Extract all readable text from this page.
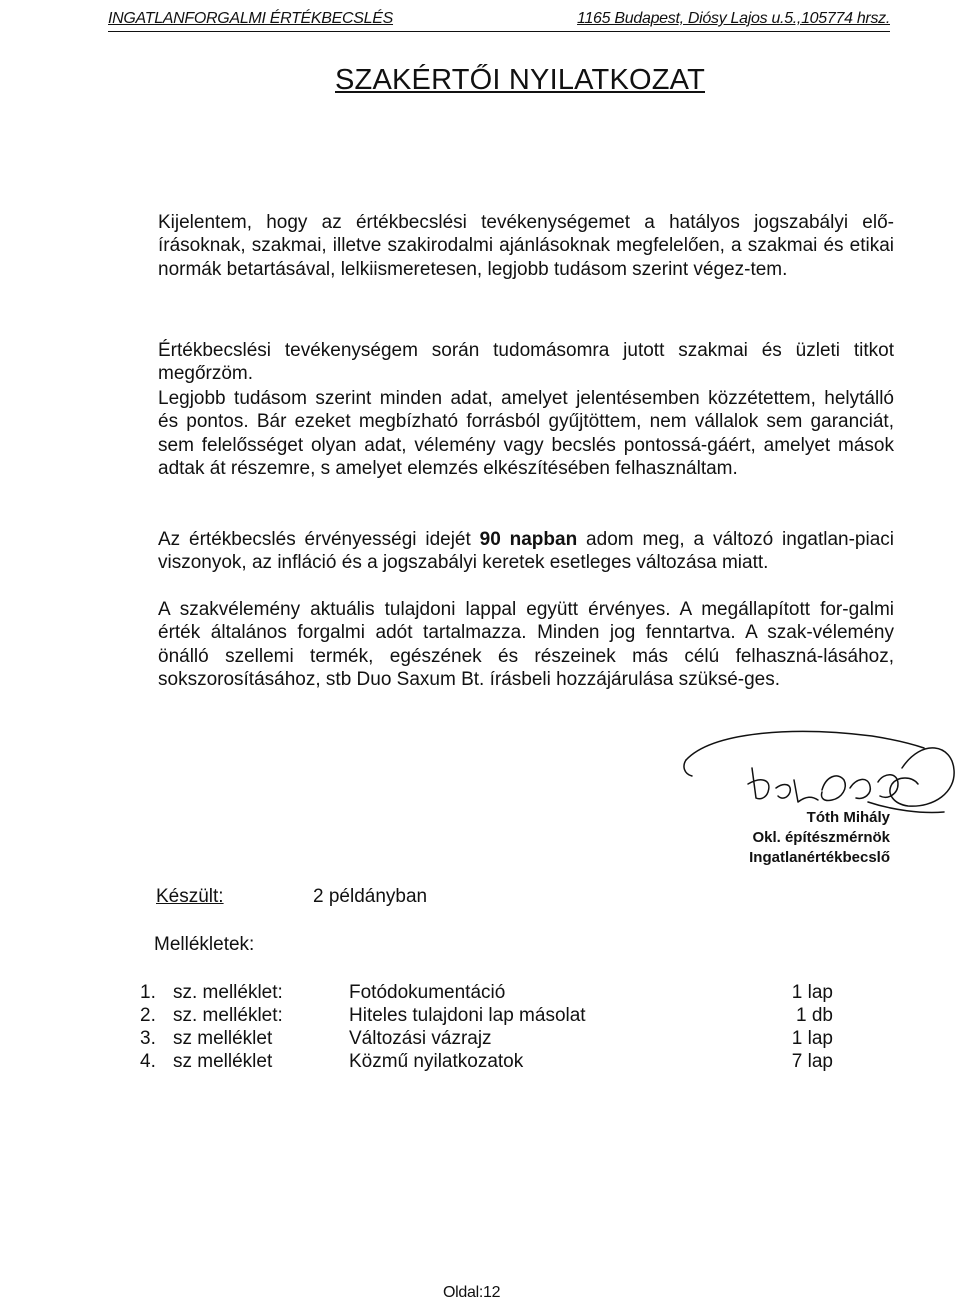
INGATLANFORGALMI ÉRTÉKBECSLÉS	1165 Budapest, Diósy Lajos u.5.,105774 hrsz.
SZAKÉRTŐI NYILATKOZAT

Kijelentem, hogy az értékbecslési tevékenységemet a hatályos jogszabályi elő-írásoknak, szakmai, illetve szakirodalmi ajánlásoknak megfelelően, a szakmai és etikai normák betartásával, lelkiismeretesen, legjobb tudásom szerint végez-tem.

Értékbecslési tevékenységem során tudomásomra jutott szakmai és üzleti titkot megőrzöm.

Legjobb tudásom szerint minden adat, amelyet jelentésemben közzétettem, helytálló és pontos. Bár ezeket megbízható forrásból gyűjtöttem, nem vállalok sem garanciát, sem felelősséget olyan adat, vélemény vagy becslés pontossá-gáért, amelyet mások adtak át részemre, s amelyet elemzés elkészítésében felhasználtam.

Az értékbecslés érvényességi idejét 90 napban adom meg, a változó ingatlan-piaci viszonyok, az infláció és a jogszabályi keretek esetleges változása miatt.

A szakvélemény aktuális tulajdoni lappal együtt érvényes. A megállapított for-galmi érték általános forgalmi adót tartalmazza. Minden jog fenntartva. A szak-vélemény önálló szellemi termék, egészének és részeinek más célú felhaszná-lásához, sokszorosításához, stb Duo Saxum Bt. írásbeli hozzájárulása szüksé-ges.

Tóth Mihály
Okl. építészmérnök
Ingatlanértékbecslő
Készült:	2 példányban
Mellékletek:
1. sz. melléklet:	Fotódokumentáció	1 lap
2. sz. melléklet:	Hiteles tulajdoni lap másolat	1 db
3. sz melléklet	Változási vázrajz	1 lap
4. sz melléklet	Közmű nyilatkozatok	7 lap
Oldal:12
